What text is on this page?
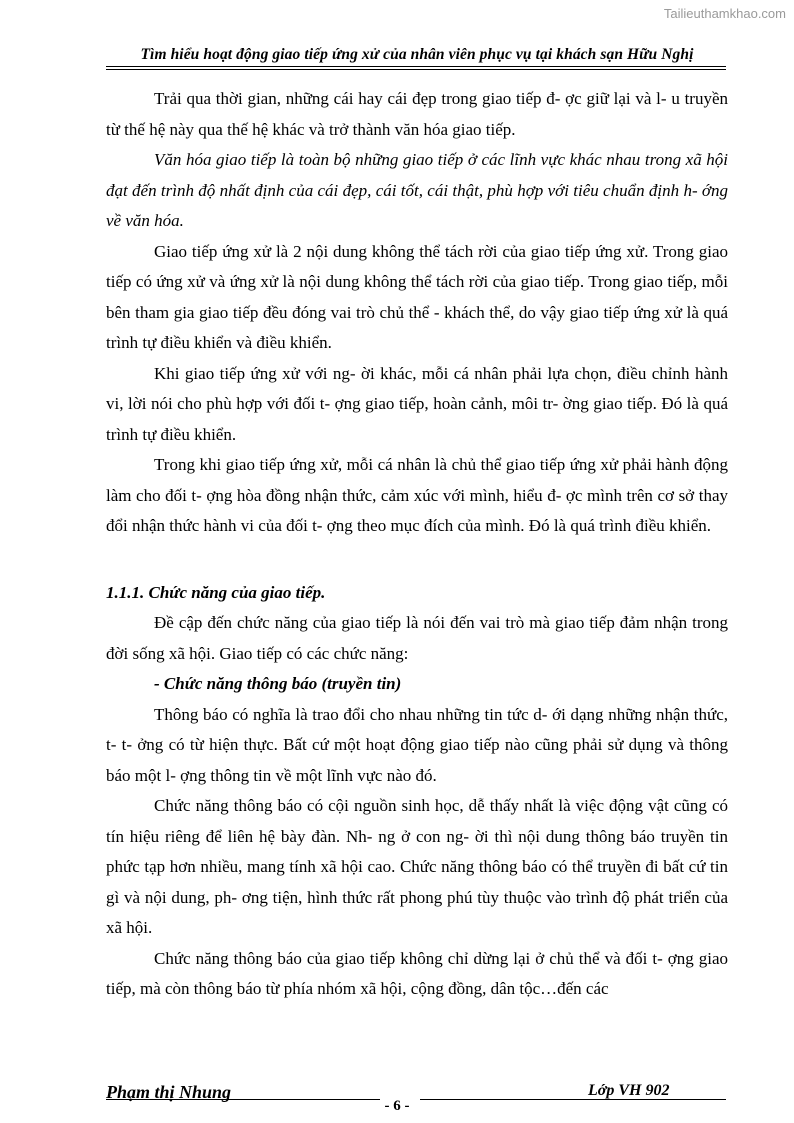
Tailieuthamkhao.com
Tìm hiểu hoạt động giao tiếp ứng xử của nhân viên phục vụ tại khách sạn Hữu Nghị

Trải qua thời gian, những cái hay cái đẹp trong giao tiếp đ- ợc giữ lại và l- u truyền từ thế hệ này qua thế hệ khác và trở thành văn hóa giao tiếp.

Văn hóa giao tiếp là toàn bộ những giao tiếp ở các lĩnh vực khác nhau trong xã hội đạt đến trình độ nhất định của cái đẹp, cái tốt, cái thật, phù hợp với tiêu chuẩn định h- ớng về văn hóa.

Giao tiếp ứng xử là 2 nội dung không thể tách rời của giao tiếp ứng xử. Trong giao tiếp có ứng xử và ứng xử là nội dung không thể tách rời của giao tiếp. Trong giao tiếp, mỗi bên tham gia giao tiếp đều đóng vai trò chủ thể - khách thể, do vậy giao tiếp ứng xử là quá trình tự điều khiển và điều khiển.

Khi giao tiếp ứng xử với ng- ời khác, mỗi cá nhân phải lựa chọn, điều chỉnh hành vi, lời nói cho phù hợp với đối t- ợng giao tiếp, hoàn cảnh, môi tr- ờng giao tiếp. Đó là quá trình tự điều khiển.

Trong khi giao tiếp ứng xử, mỗi cá nhân là chủ thể giao tiếp ứng xử phải hành động làm cho đối t- ợng hòa đồng nhận thức, cảm xúc với mình, hiểu đ- ợc mình trên cơ sở thay đổi nhận thức hành vi của đối t- ợng theo mục đích của mình. Đó là quá trình điều khiển.

1.1.1. Chức năng của giao tiếp.

Đề cập đến chức năng của giao tiếp là nói đến vai trò mà giao tiếp đảm nhận trong đời sống xã hội. Giao tiếp có các chức năng:

- Chức năng thông báo (truyền tin)

Thông báo có nghĩa là trao đổi cho nhau những tin tức d- ới dạng những nhận thức, t- t- ởng có từ hiện thực. Bất cứ một hoạt động giao tiếp nào cũng phải sử dụng và thông báo một l- ợng thông tin về một lĩnh vực nào đó.

Chức năng thông báo có cội nguồn sinh học, dễ thấy nhất là việc động vật cũng có tín hiệu riêng để liên hệ bày đàn. Nh- ng ở con ng- ời thì nội dung thông báo truyền tin phức tạp hơn nhiều, mang tính xã hội cao. Chức năng thông báo có thể truyền đi bất cứ tin gì và nội dung, ph- ơng tiện, hình thức rất phong phú tùy thuộc vào trình độ phát triển của xã hội.

Chức năng thông báo của giao tiếp không chỉ dừng lại ở chủ thể và đối t- ợng giao tiếp, mà còn thông báo từ phía nhóm xã hội, cộng đồng, dân tộc…đến các

Phạm thị Nhung	Lớp VH 902
- 6 -
